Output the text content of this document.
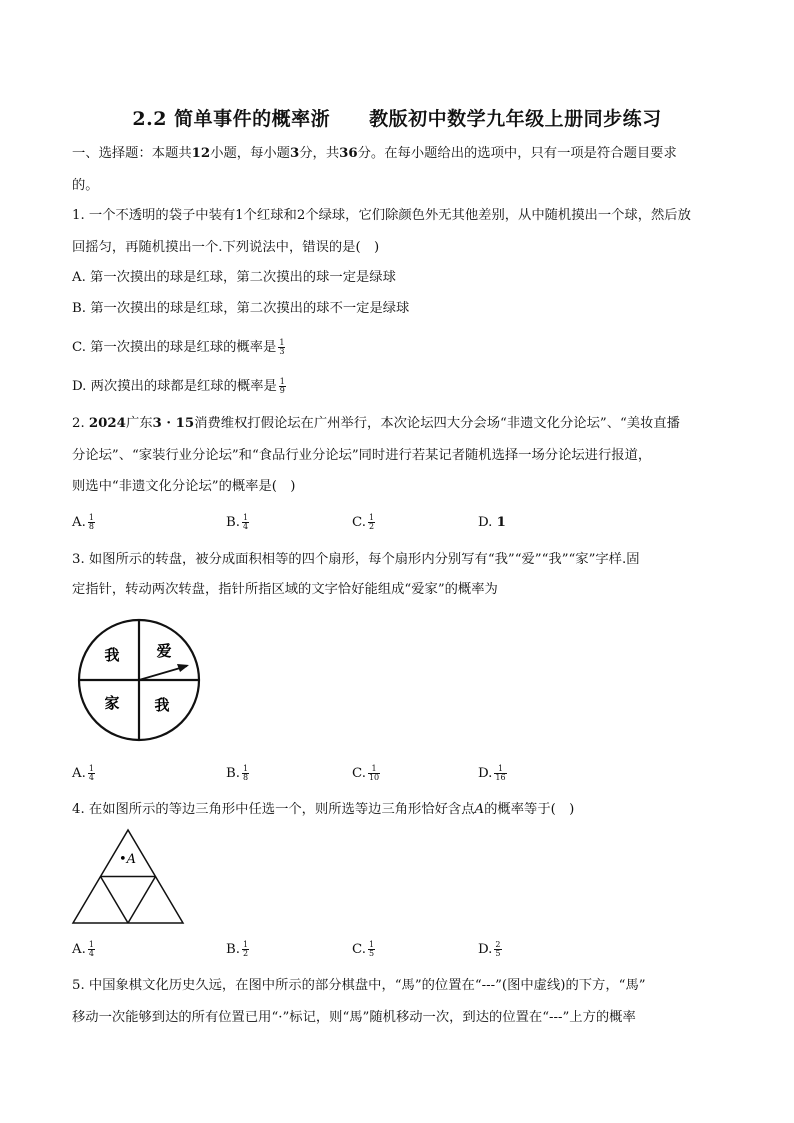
2.2 简单事件的概率浙　　教版初中数学九年级上册同步练习
一、选择题：本题共12小题，每小题3分，共36分。在每小题给出的选项中，只有一项是符合题目要求
的。
1. 一个不透明的袋子中装有1个红球和2个绿球，它们除颜色外无其他差别，从中随机摸出一个球，然后放
回摇匀，再随机摸出一个.下列说法中，错误的是(　)
A. 第一次摸出的球是红球，第二次摸出的球一定是绿球
B. 第一次摸出的球是红球，第二次摸出的球不一定是绿球
C. 第一次摸出的球是红球的概率是 $\frac{1}{3}$
D. 两次摸出的球都是红球的概率是 $\frac{1}{9}$
2. 2024广东3 · 15消费维权打假论坛在广州举行，本次论坛四大分会场“非遗文化分论坛”、“美妆直播
分论坛”、“家装行业分论坛”和“食品行业分论坛”同时进行若某记者随机选择一场分论坛进行报道，
则选中“非遗文化分论坛”的概率是(　)
A. $\frac{1}{8}$	B. $\frac{1}{4}$	C. $\frac{1}{2}$	D. 1
3. 如图所示的转盘，被分成面积相等的四个扇形，每个扇形内分别写有“我”“爱”“我”“家”字样.固
定指针，转动两次转盘，指针所指区域的文字恰好能组成“爱家”的概率为
我 爱
家 我
A. $\frac{1}{4}$	B. $\frac{1}{8}$	C. $\frac{1}{10}$	D. $\frac{1}{16}$
4. 在如图所示的等边三角形中任选一个，则所选等边三角形恰好含点A的概率等于(　)
•A
A. $\frac{1}{4}$	B. $\frac{1}{2}$	C. $\frac{1}{5}$	D. $\frac{2}{5}$
5. 中国象棋文化历史久远，在图中所示的部分棋盘中，“馬”的位置在“---”(图中虚线)的下方，“馬”
移动一次能够到达的所有位置已用“·”标记，则“馬”随机移动一次，到达的位置在“---”上方的概率
